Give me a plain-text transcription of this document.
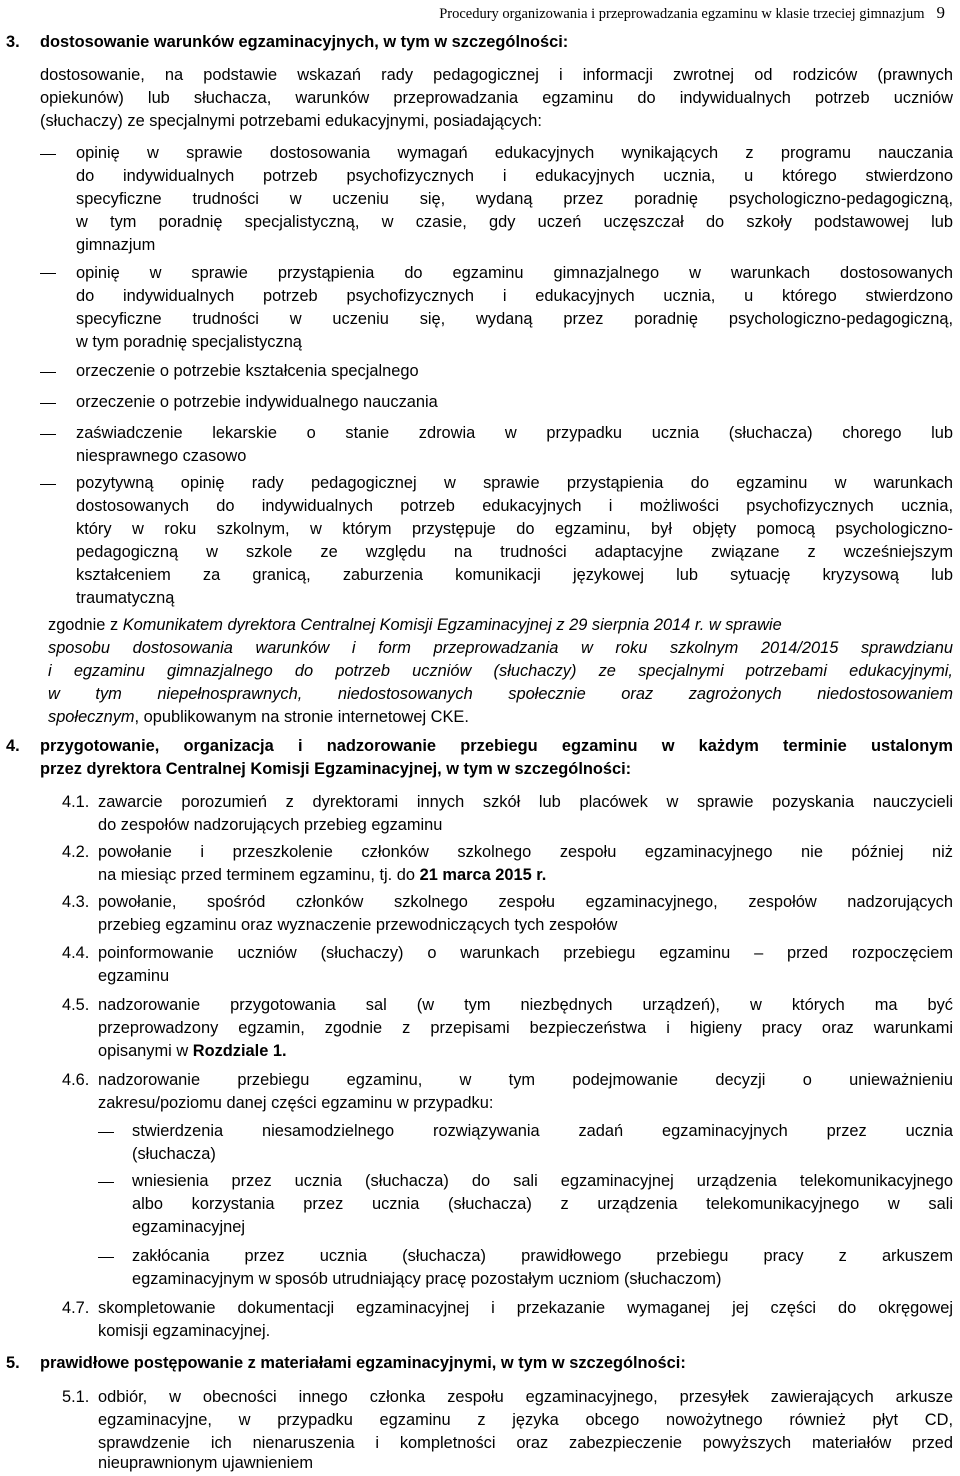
Procedury organizowania i przeprowadzania egzaminu w klasie trzeciej gimnazjum 9
3. dostosowanie warunków egzaminacyjnych, w tym w szczególności:
dostosowanie, na podstawie wskazań rady pedagogicznej i informacji zwrotnej od rodziców (prawnych
opiekunów) lub słuchacza, warunków przeprowadzania egzaminu do indywidualnych potrzeb uczniów
(słuchaczy) ze specjalnymi potrzebami edukacyjnymi, posiadających:
opinię w sprawie dostosowania wymagań edukacyjnych wynikających z programu nauczania
do indywidualnych potrzeb psychofizycznych i edukacyjnych ucznia, u którego stwierdzono
specyficzne trudności w uczeniu się, wydaną przez poradnię psychologiczno-pedagogiczną,
w tym poradnię specjalistyczną, w czasie, gdy uczeń uczęszczał do szkoły podstawowej lub
gimnazjum
opinię w sprawie przystąpienia do egzaminu gimnazjalnego w warunkach dostosowanych
do indywidualnych potrzeb psychofizycznych i edukacyjnych ucznia, u którego stwierdzono
specyficzne trudności w uczeniu się, wydaną przez poradnię psychologiczno-pedagogiczną,
w tym poradnię specjalistyczną
orzeczenie o potrzebie kształcenia specjalnego
orzeczenie o potrzebie indywidualnego nauczania
zaświadczenie lekarskie o stanie zdrowia w przypadku ucznia (słuchacza) chorego lub
niesprawnego czasowo
pozytywną opinię rady pedagogicznej w sprawie przystąpienia do egzaminu w warunkach
dostosowanych do indywidualnych potrzeb edukacyjnych i możliwości psychofizycznych ucznia,
który w roku szkolnym, w którym przystępuje do egzaminu, był objęty pomocą psychologiczno-
pedagogiczną w szkole ze względu na trudności adaptacyjne związane z wcześniejszym
kształceniem za granicą, zaburzenia komunikacji językowej lub sytuację kryzysową lub
traumatyczną
zgodnie z Komunikatem dyrektora Centralnej Komisji Egzaminacyjnej z 29 sierpnia 2014 r. w sprawie
sposobu dostosowania warunków i form przeprowadzania w roku szkolnym 2014/2015 sprawdzianu
i egzaminu gimnazjalnego do potrzeb uczniów (słuchaczy) ze specjalnymi potrzebami edukacyjnymi,
w tym niepełnosprawnych, niedostosowanych społecznie oraz zagrożonych niedostosowaniem
społecznym, opublikowanym na stronie internetowej CKE.
4. przygotowanie, organizacja i nadzorowanie przebiegu egzaminu w każdym terminie ustalonym
przez dyrektora Centralnej Komisji Egzaminacyjnej, w tym w szczególności:
4.1. zawarcie porozumień z dyrektorami innych szkół lub placówek w sprawie pozyskania nauczycieli
do zespołów nadzorujących przebieg egzaminu
4.2. powołanie i przeszkolenie członków szkolnego zespołu egzaminacyjnego nie później niż
na miesiąc przed terminem egzaminu, tj. do 21 marca 2015 r.
4.3. powołanie, spośród członków szkolnego zespołu egzaminacyjnego, zespołów nadzorujących
przebieg egzaminu oraz wyznaczenie przewodniczących tych zespołów
4.4. poinformowanie uczniów (słuchaczy) o warunkach przebiegu egzaminu – przed rozpoczęciem
egzaminu
4.5. nadzorowanie przygotowania sal (w tym niezbędnych urządzeń), w których ma być
przeprowadzony egzamin, zgodnie z przepisami bezpieczeństwa i higieny pracy oraz warunkami
opisanymi w Rozdziale 1.
4.6. nadzorowanie przebiegu egzaminu, w tym podejmowanie decyzji o unieważnieniu
zakresu/poziomu danej części egzaminu w przypadku:
stwierdzenia niesamodzielnego rozwiązywania zadań egzaminacyjnych przez ucznia
(słuchacza)
wniesienia przez ucznia (słuchacza) do sali egzaminacyjnej urządzenia telekomunikacyjnego
albo korzystania przez ucznia (słuchacza) z urządzenia telekomunikacyjnego w sali
egzaminacyjnej
zakłócania przez ucznia (słuchacza) prawidłowego przebiegu pracy z arkuszem
egzaminacyjnym w sposób utrudniający pracę pozostałym uczniom (słuchaczom)
4.7. skompletowanie dokumentacji egzaminacyjnej i przekazanie wymaganej jej części do okręgowej
komisji egzaminacyjnej.
5. prawidłowe postępowanie z materiałami egzaminacyjnymi, w tym w szczególności:
5.1. odbiór, w obecności innego członka zespołu egzaminacyjnego, przesyłek zawierających arkusze
egzaminacyjne, w przypadku egzaminu z języka obcego nowożytnego również płyt CD,
sprawdzenie ich nienaruszenia i kompletności oraz zabezpieczenie powyższych materiałów przed
nieuprawnionym ujawnieniem
